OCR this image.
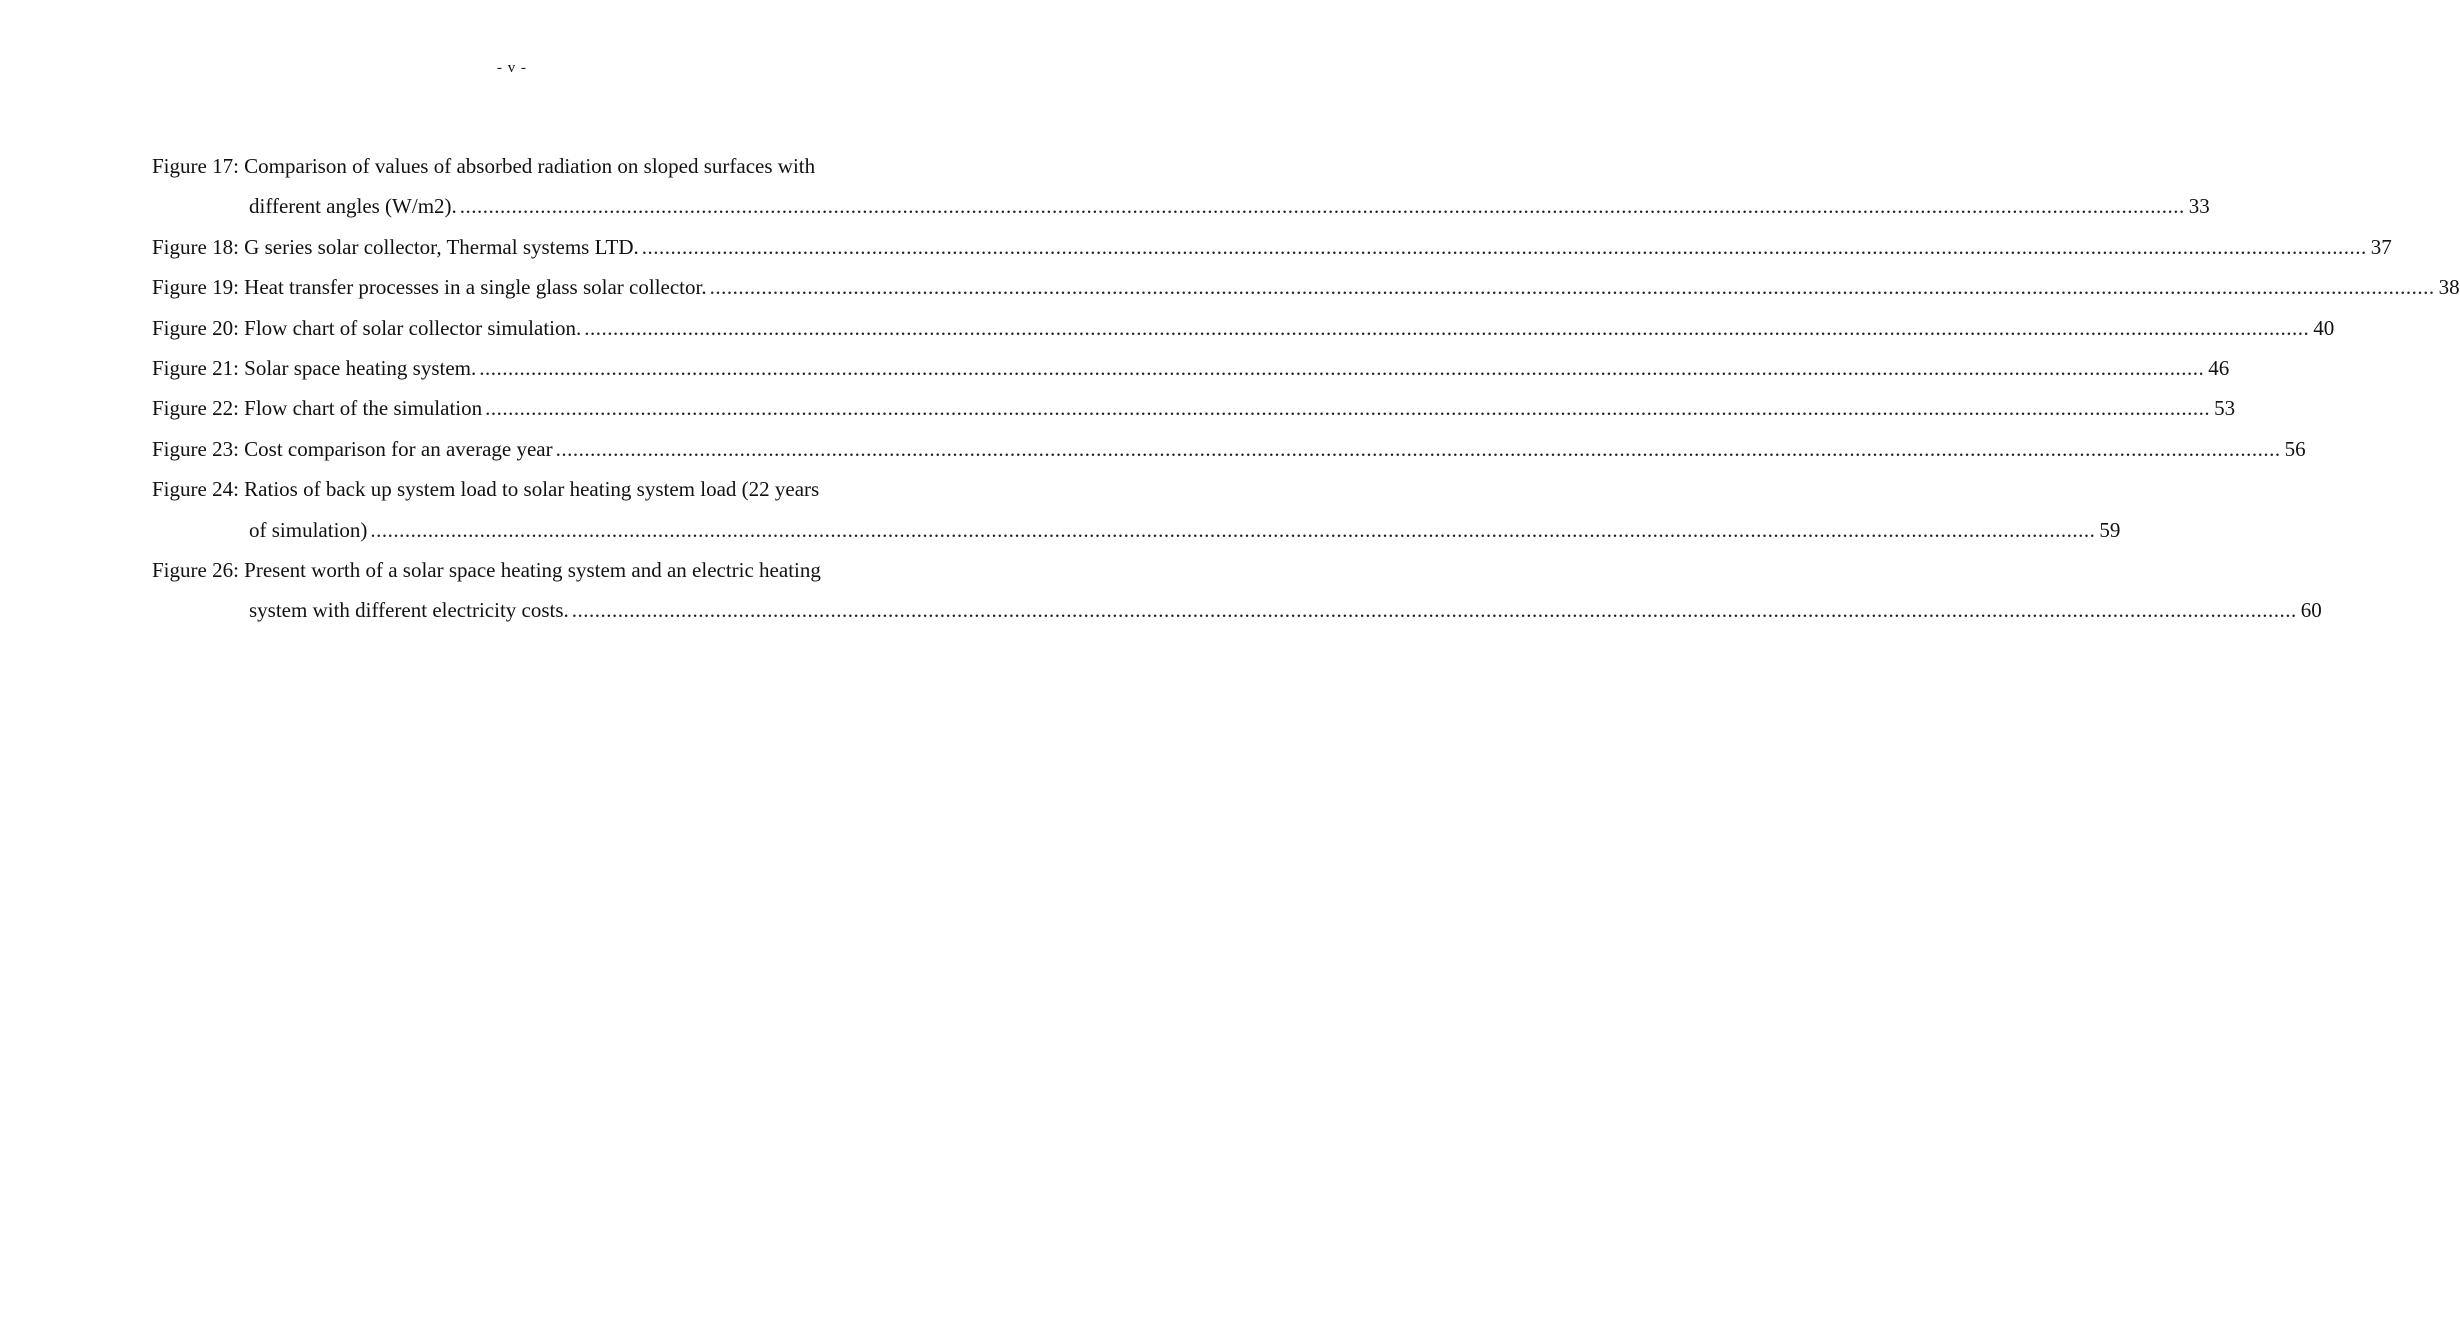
- v -
Figure 17: Comparison of values of absorbed radiation on sloped surfaces with
different angles (W/m2). ............................................................................................................................................................................................................................................................................................................ 33
Figure 18: G series solar collector, Thermal systems LTD. ............................................................................................................................................................................................................................................................................................................ 37
Figure 19: Heat transfer processes in a single glass solar collector. ............................................................................................................................................................................................................................................................................................................ 38
Figure 20: Flow chart of solar collector simulation. ............................................................................................................................................................................................................................................................................................................ 40
Figure 21: Solar space heating system. ............................................................................................................................................................................................................................................................................................................ 46
Figure 22: Flow chart of the simulation ............................................................................................................................................................................................................................................................................................................ 53
Figure 23: Cost comparison for an average year ............................................................................................................................................................................................................................................................................................................ 56
Figure 24: Ratios of back up system load to solar heating system load (22 years
of simulation) ............................................................................................................................................................................................................................................................................................................ 59
Figure 26: Present worth of a solar space heating system and an electric heating
system with different electricity costs. ............................................................................................................................................................................................................................................................................................................ 60
